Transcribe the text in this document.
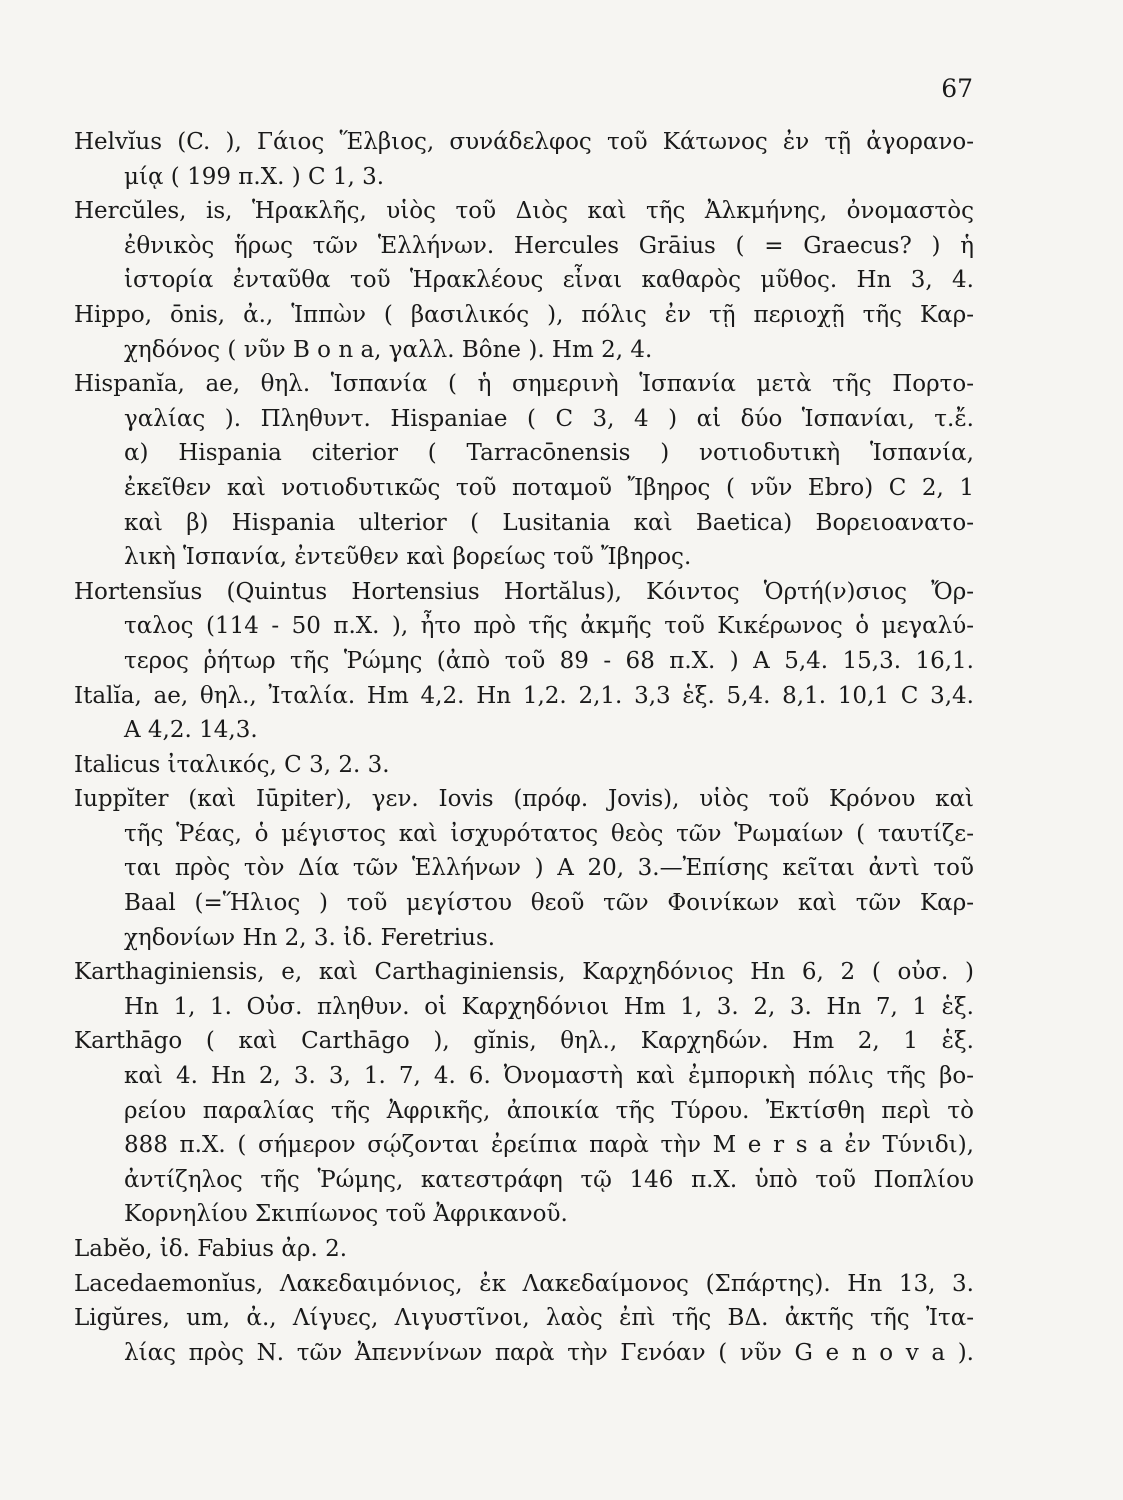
67
Helvĭus (C. ), Γάιος Ἕλβιος, συνάδελφος τοῦ Κάτωνος ἐν τῇ ἀγορανο-
μίᾳ ( 199 π.Χ. ) C 1, 3.
Hercŭles, is, Ἡρακλῆς, υἱὸς τοῦ Διὸς καὶ τῆς Ἀλκμήνης, ὀνομαστὸς
ἐθνικὸς ἥρως τῶν Ἑλλήνων. Hercules Grāius ( = Graecus? ) ἡ
ἱστορία ἐνταῦθα τοῦ Ἡρακλέους εἶναι καθαρὸς μῦθος. Hn 3, 4.
Hippo, ōnis, ἀ., Ἱππὼν ( βασιλικός ), πόλις ἐν τῇ περιοχῇ τῆς Καρ-
χηδόνος ( νῦν B o n a, γαλλ. Bône ). Hm 2, 4.
Hispanĭa, ae, θηλ. Ἱσπανία ( ἡ σημερινὴ Ἱσπανία μετὰ τῆς Πορτο-
γαλίας ). Πληθυντ. Hispaniae ( C 3, 4 ) αἱ δύο Ἱσπανίαι, τ.ἔ.
α) Hispania citerior ( Tarracōnensis ) νοτιοδυτικὴ Ἱσπανία,
ἐκεῖθεν καὶ νοτιοδυτικῶς τοῦ ποταμοῦ Ἴβηρος ( νῦν Ebro) C 2, 1
καὶ β) Hispania ulterior ( Lusitania καὶ Baetica) Βορειοανατο-
λικὴ Ἱσπανία, ἐντεῦθεν καὶ βορείως τοῦ Ἴβηρος.
Hortensĭus (Quintus Hortensius Hortălus), Κόιντος Ὁρτή(ν)σιος Ὄρ-
ταλος (114 - 50 π.Χ. ), ἦτο πρὸ τῆς ἀκμῆς τοῦ Κικέρωνος ὁ μεγαλύ-
τερος ῥήτωρ τῆς Ῥώμης (ἀπὸ τοῦ 89 - 68 π.Χ. ) A 5,4. 15,3. 16,1.
Italĭa, ae, θηλ., Ἰταλία. Hm 4,2. Hn 1,2. 2,1. 3,3 ἑξ. 5,4. 8,1. 10,1 C 3,4.
A 4,2. 14,3.
Italicus ἰταλικός, C 3, 2. 3.
Iuppĭter (καὶ Iūpiter), γεν. Iovis (πρόφ. Jovis), υἱὸς τοῦ Κρόνου καὶ
τῆς Ῥέας, ὁ μέγιστος καὶ ἰσχυρότατος θεὸς τῶν Ῥωμαίων ( ταυτίζε-
ται πρὸς τὸν Δία τῶν Ἑλλήνων ) A 20, 3.—Ἐπίσης κεῖται ἀντὶ τοῦ
Baal (=Ἥλιος ) τοῦ μεγίστου θεοῦ τῶν Φοινίκων καὶ τῶν Καρ-
χηδονίων Hn 2, 3. ἰδ. Feretrius.
Karthaginiensis, e, καὶ Carthaginiensis, Καρχηδόνιος Hn 6, 2 ( οὐσ. )
Hn 1, 1. Οὐσ. πληθυν. οἱ Καρχηδόνιοι Hm 1, 3. 2, 3. Hn 7, 1 ἑξ.
Karthāgo ( καὶ Carthāgo ), gĭnis, θηλ., Καρχηδών. Hm 2, 1 ἑξ.
καὶ 4. Hn 2, 3. 3, 1. 7, 4. 6. Ὀνομαστὴ καὶ ἐμπορικὴ πόλις τῆς βο-
ρείου παραλίας τῆς Ἀφρικῆς, ἀποικία τῆς Τύρου. Ἐκτίσθη περὶ τὸ
888 π.Χ. ( σήμερον σῴζονται ἐρείπια παρὰ τὴν M e r s a ἐν Τύνιδι),
ἀντίζηλος τῆς Ῥώμης, κατεστράφη τῷ 146 π.Χ. ὑπὸ τοῦ Ποπλίου
Κορνηλίου Σκιπίωνος τοῦ Ἀφρικανοῦ.
Labĕo, ἰδ. Fabius ἀρ. 2.
Lacedaemonĭus, Λακεδαιμόνιος, ἐκ Λακεδαίμονος (Σπάρτης). Hn 13, 3.
Ligŭres, um, ἀ., Λίγυες, Λιγυστῖνοι, λαὸς ἐπὶ τῆς ΒΔ. ἀκτῆς τῆς Ἰτα-
λίας πρὸς Ν. τῶν Ἀπεννίνων παρὰ τὴν Γενόαν ( νῦν G e n o v a ).
